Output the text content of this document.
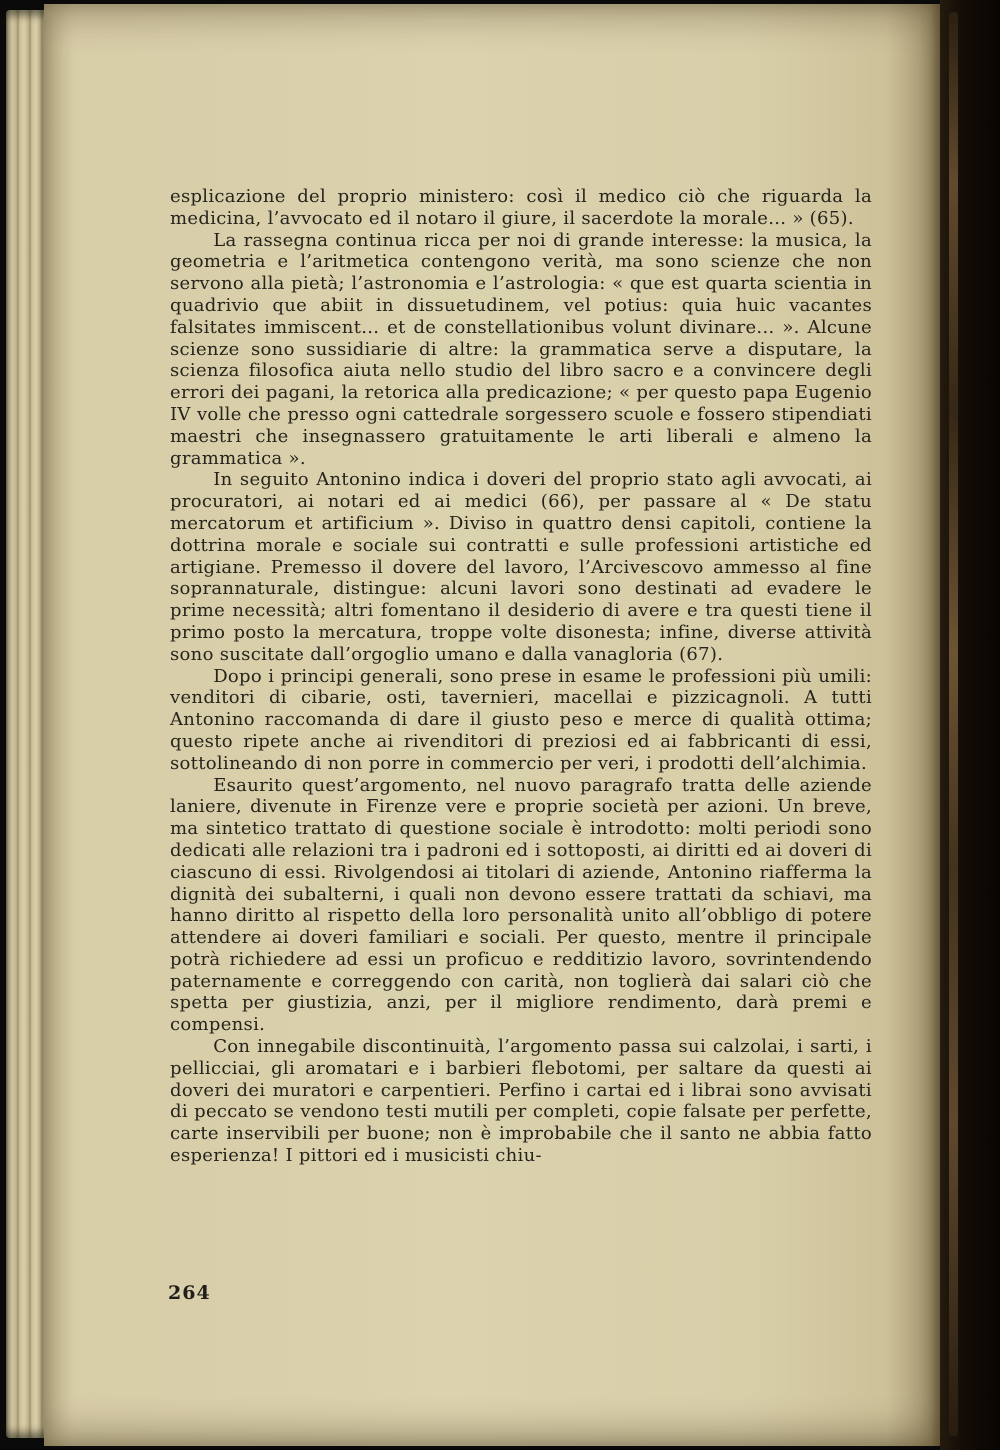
esplicazione del proprio ministero: così il medico ciò che riguarda la medicina, l’avvocato ed il notaro il giure, il sacerdote la morale... » (65).

La rassegna continua ricca per noi di grande interesse: la musica, la geometria e l’aritmetica contengono verità, ma sono scienze che non servono alla pietà; l’astronomia e l’astrologia: « que est quarta scientia in quadrivio que abiit in dissuetudinem, vel potius: quia huic vacantes falsitates immiscent... et de constellationibus volunt divinare... ». Alcune scienze sono sussidiarie di altre: la grammatica serve a disputare, la scienza filosofica aiuta nello studio del libro sacro e a convincere degli errori dei pagani, la retorica alla predicazione; « per questo papa Eugenio IV volle che presso ogni cattedrale sorgessero scuole e fossero stipendiati maestri che insegnassero gratuitamente le arti liberali e almeno la grammatica ».

In seguito Antonino indica i doveri del proprio stato agli avvocati, ai procuratori, ai notari ed ai medici (66), per passare al « De statu mercatorum et artificium ». Diviso in quattro densi capitoli, contiene la dottrina morale e sociale sui contratti e sulle professioni artistiche ed artigiane. Premesso il dovere del lavoro, l’Arcivescovo ammesso al fine soprannaturale, distingue: alcuni lavori sono destinati ad evadere le prime necessità; altri fomentano il desiderio di avere e tra questi tiene il primo posto la mercatura, troppe volte disonesta; infine, diverse attività sono suscitate dall’orgoglio umano e dalla vanagloria (67).

Dopo i principi generali, sono prese in esame le professioni più umili: venditori di cibarie, osti, tavernieri, macellai e pizzicagnoli. A tutti Antonino raccomanda di dare il giusto peso e merce di qualità ottima; questo ripete anche ai rivenditori di preziosi ed ai fabbricanti di essi, sottolineando di non porre in commercio per veri, i prodotti dell’alchimia.

Esaurito quest’argomento, nel nuovo paragrafo tratta delle aziende laniere, divenute in Firenze vere e proprie società per azioni. Un breve, ma sintetico trattato di questione sociale è introdotto: molti periodi sono dedicati alle relazioni tra i padroni ed i sottoposti, ai diritti ed ai doveri di ciascuno di essi. Rivolgendosi ai titolari di aziende, Antonino riafferma la dignità dei subalterni, i quali non devono essere trattati da schiavi, ma hanno diritto al rispetto della loro personalità unito all’obbligo di potere attendere ai doveri familiari e sociali. Per questo, mentre il principale potrà richiedere ad essi un proficuo e redditizio lavoro, sovrintendendo paternamente e correggendo con carità, non toglierà dai salari ciò che spetta per giustizia, anzi, per il migliore rendimento, darà premi e compensi.

Con innegabile discontinuità, l’argomento passa sui calzolai, i sarti, i pellicciai, gli aromatari e i barbieri flebotomi, per saltare da questi ai doveri dei muratori e carpentieri. Perfino i cartai ed i librai sono avvisati di peccato se vendono testi mutili per completi, copie falsate per perfette, carte inservibili per buone; non è improbabile che il santo ne abbia fatto esperienza! I pittori ed i musicisti chiu-

264
